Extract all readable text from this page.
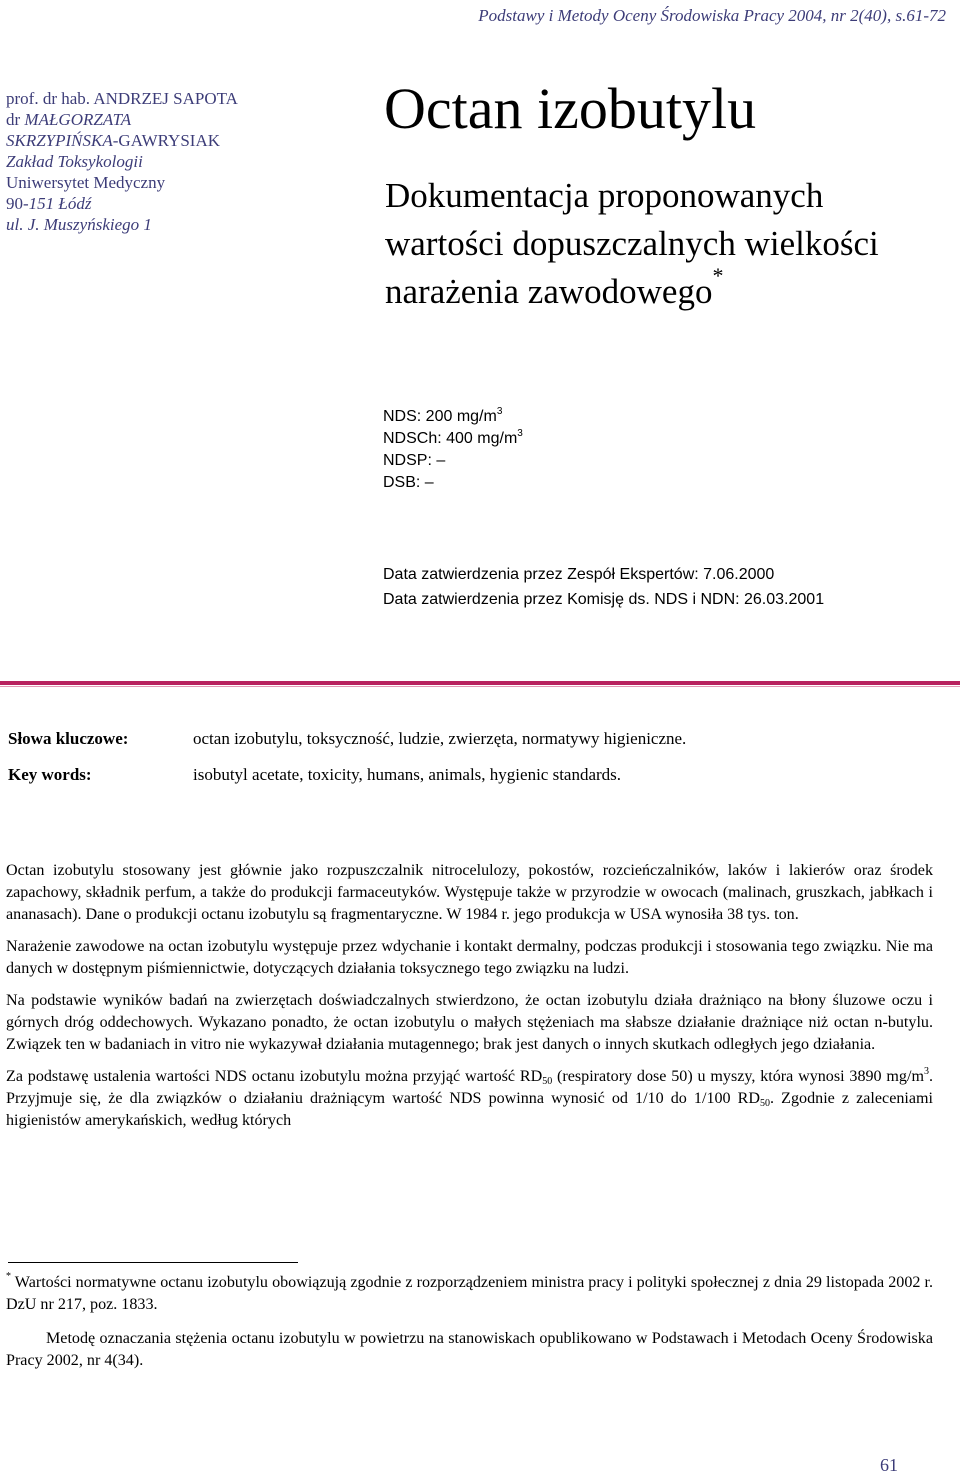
Podstawy i Metody Oceny Środowiska Pracy 2004, nr 2(40), s.61-72
prof. dr hab. ANDRZEJ SAPOTA
dr MAŁGORZATA
SKRZYPIŃSKA-GAWRYSIAK
Zakład Toksykologii
Uniwersytet Medyczny
90-151 Łódź
ul. J. Muszyńskiego 1
Octan izobutylu
Dokumentacja proponowanych
wartości dopuszczalnych wielkości
narażenia zawodowego*
NDS: 200 $mg/m^3$
NDSCh: 400 $mg/m^3$
NDSP: –
DSB: –
Data zatwierdzenia przez Zespół Ekspertów: 7.06.2000
Data zatwierdzenia przez Komisję ds. NDS i NDN: 26.03.2001
Słowa kluczowe:	octan izobutylu, toksyczność, ludzie, zwierzęta, normatywy higieniczne.
Key words:	isobutyl acetate, toxicity, humans, animals, hygienic standards.

Octan izobutylu stosowany jest głównie jako rozpuszczalnik nitrocelulozy, pokostów, rozcieńczalników, laków i lakierów oraz środek zapachowy, składnik perfum, a także do produkcji farmaceutyków. Występuje także w przyrodzie w owocach (malinach, gruszkach, jabłkach i ananasach). Dane o produkcji octanu izobutylu są fragmentaryczne. W 1984 r. jego produkcja w USA wynosiła 38 tys. ton.

Narażenie zawodowe na octan izobutylu występuje przez wdychanie i kontakt dermalny, podczas produkcji i stosowania tego związku. Nie ma danych w dostępnym piśmiennictwie, dotyczących działania toksycznego tego związku na ludzi.

Na podstawie wyników badań na zwierzętach doświadczalnych stwierdzono, że octan izobutylu działa drażniąco na błony śluzowe oczu i górnych dróg oddechowych. Wykazano ponadto, że octan izobutylu o małych stężeniach ma słabsze działanie drażniące niż octan n-butylu. Związek ten w badaniach in vitro nie wykazywał działania mutagennego; brak jest danych o innych skutkach odległych jego działania.

Za podstawę ustalenia wartości NDS octanu izobutylu można przyjąć wartość $RD_{50}$ (respiratory dose 50) u myszy, która wynosi 3890 $mg/m^3$. Przyjmuje się, że dla związków o działaniu drażniącym wartość NDS powinna wynosić od 1/10 do 1/100 $RD_{50}$. Zgodnie z zaleceniami higienistów amerykańskich, według których

* Wartości normatywne octanu izobutylu obowiązują zgodnie z rozporządzeniem ministra pracy i polityki społecznej z dnia 29 listopada 2002 r. DzU nr 217, poz. 1833.

Metodę oznaczania stężenia octanu izobutylu w powietrzu na stanowiskach opublikowano w Podstawach i Metodach Oceny Środowiska Pracy 2002, nr 4(34).

61
